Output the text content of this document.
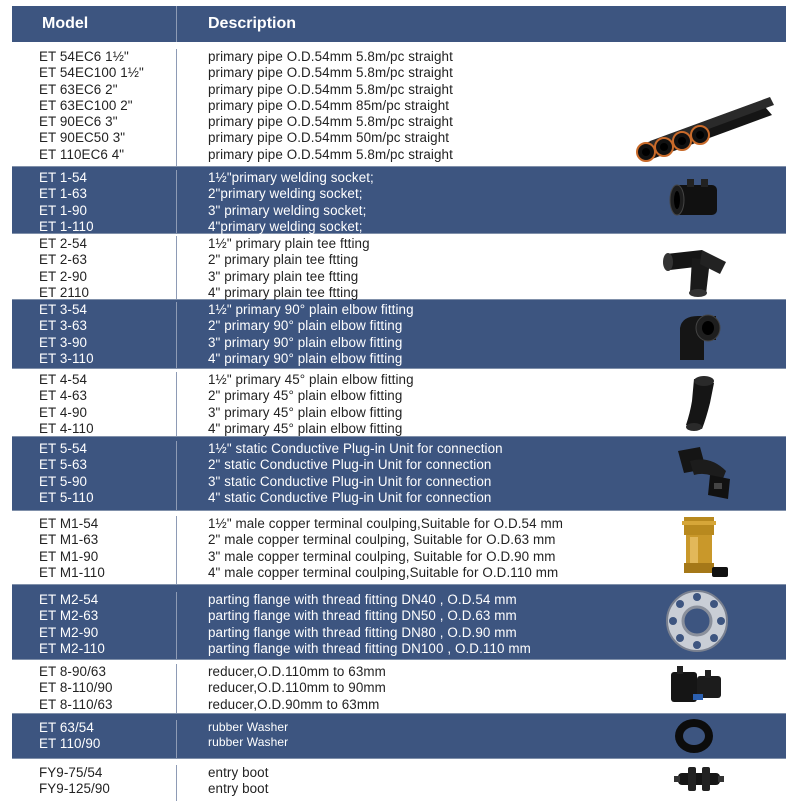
Model	Description
ET 54EC6 1½"
ET 54EC100 1½"
ET 63EC6 2"
ET 63EC100 2"
ET 90EC6 3"
ET 90EC50 3"
ET 110EC6 4"
primary pipe O.D.54mm 5.8m/pc straight
primary pipe O.D.54mm 5.8m/pc straight
primary pipe O.D.54mm 5.8m/pc straight
primary pipe O.D.54mm 85m/pc straight
primary pipe O.D.54mm 5.8m/pc straight
primary pipe O.D.54mm 50m/pc straight
primary pipe O.D.54mm 5.8m/pc straight
ET 1-54
ET 1-63
ET 1-90
ET 1-110
1½"primary welding socket;
2"primary welding socket;
3" primary welding socket;
4"primary welding socket;
ET 2-54
ET 2-63
ET 2-90
ET 2110
1½" primary plain tee ftting
2" primary plain tee ftting
3" primary plain tee ftting
4" primary plain tee ftting
ET 3-54
ET 3-63
ET 3-90
ET 3-110
1½" primary 90° plain elbow fitting
2" primary 90° plain elbow fitting
3" primary 90° plain elbow fitting
4" primary 90° plain elbow fitting
ET 4-54
ET 4-63
ET 4-90
ET 4-110
1½" primary 45° plain elbow fitting
2" primary 45° plain elbow fitting
3" primary 45° plain elbow fitting
4" primary 45° plain elbow fitting
ET 5-54
ET 5-63
ET 5-90
ET 5-110
1½" static Conductive Plug-in Unit for connection
2" static Conductive Plug-in Unit for connection
3" static Conductive Plug-in Unit for connection
4" static Conductive Plug-in Unit for connection
ET M1-54
ET M1-63
ET M1-90
ET M1-110
1½" male copper terminal coulping,Suitable for O.D.54 mm
2" male copper terminal coulping, Suitable for O.D.63 mm
3" male copper terminal coulping, Suitable for O.D.90 mm
4" male copper terminal coulping,Suitable for O.D.110 mm
ET M2-54
ET M2-63
ET M2-90
ET M2-110
parting flange with thread fitting DN40 , O.D.54 mm
parting flange with thread fitting DN50 , O.D.63 mm
parting flange with thread fitting DN80 , O.D.90 mm
parting flange with thread fitting DN100 , O.D.110 mm
ET 8-90/63
ET 8-110/90
ET 8-110/63
reducer,O.D.110mm to 63mm
reducer,O.D.110mm to 90mm
reducer,O.D.90mm to 63mm
ET 63/54
ET 110/90
rubber Washer
rubber Washer
FY9-75/54
FY9-125/90
entry boot
entry boot
